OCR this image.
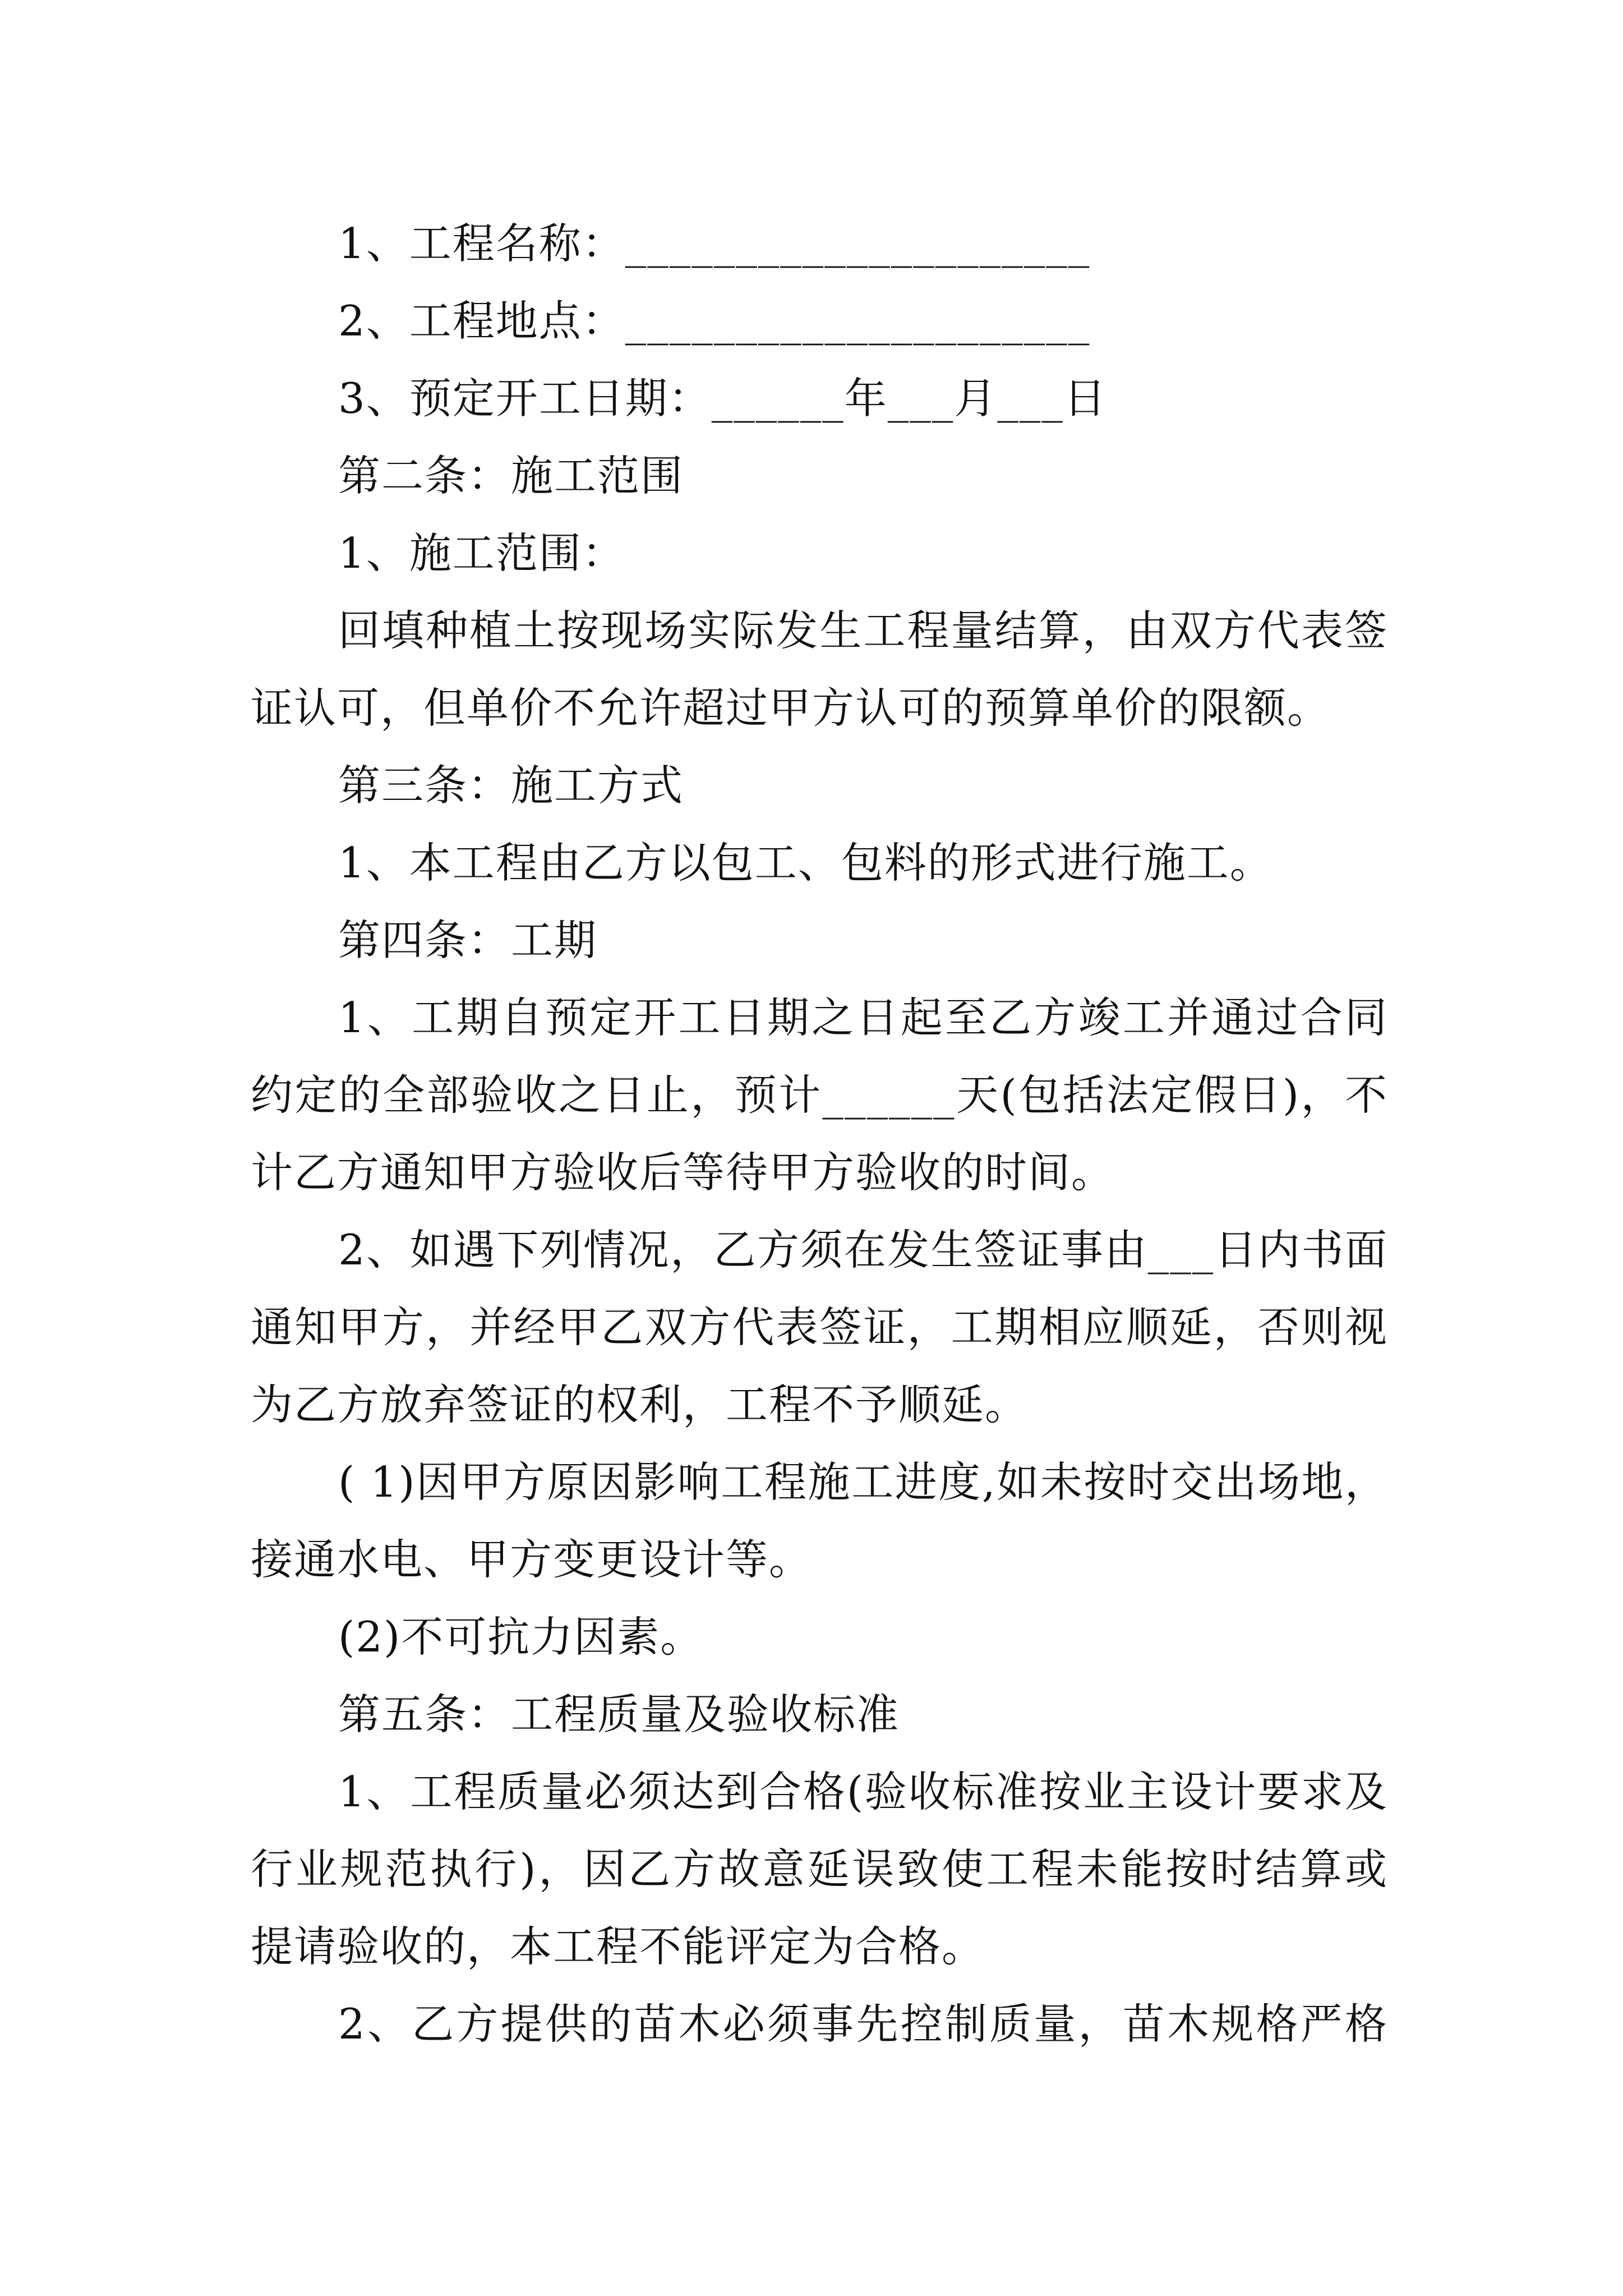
1、工程名称：_____________________
2、工程地点：_____________________
3、预定开工日期：______年___月___日
第二条：施工范围
1、施工范围：
回填种植土按现场实际发生工程量结算，由双方代表签
证认可，但单价不允许超过甲方认可的预算单价的限额。
第三条：施工方式
1、本工程由乙方以包工、包料的形式进行施工。
第四条：工期
1、工期自预定开工日期之日起至乙方竣工并通过合同
约定的全部验收之日止，预计______天(包括法定假日)，不
计乙方通知甲方验收后等待甲方验收的时间。
2、如遇下列情况，乙方须在发生签证事由___日内书面
通知甲方，并经甲乙双方代表签证，工期相应顺延，否则视
为乙方放弃签证的权利，工程不予顺延。
( 1)因甲方原因影响工程施工进度,如未按时交出场地，
接通水电、甲方变更设计等。
(2)不可抗力因素。
第五条：工程质量及验收标准
1、工程质量必须达到合格(验收标准按业主设计要求及
行业规范执行)，因乙方故意延误致使工程未能按时结算或
提请验收的，本工程不能评定为合格。
2、乙方提供的苗木必须事先控制质量，苗木规格严格
